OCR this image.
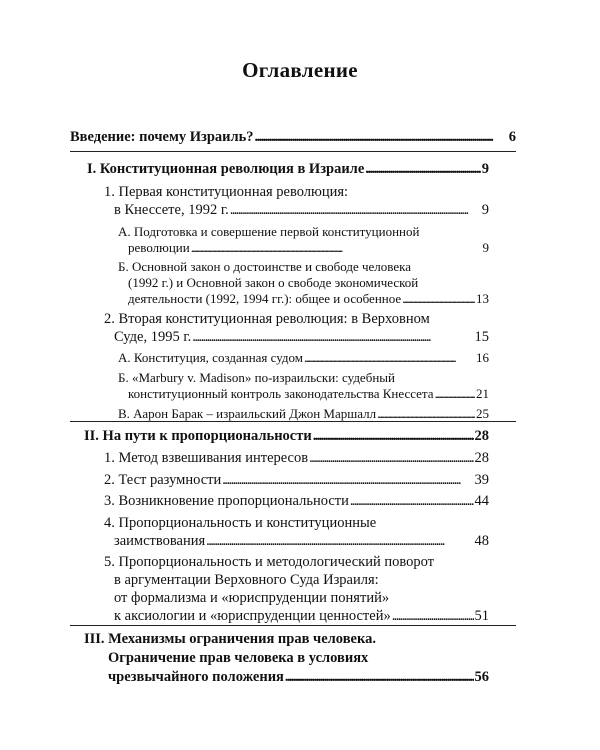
Оглавление
Введение: почему Израиль? . . .	6
I. Конституционная революция в Израиле . . .	9
1. Первая конституционная революция:
в Кнессете, 1992 г. . . .	9
А. Подготовка и совершение первой конституционной
революции . . .	9
Б. Основной закон о достоинстве и свободе человека
(1992 г.) и Основной закон о свободе экономической
деятельности (1992, 1994 гг.): общее и особенное . . .	13
2. Вторая конституционная революция: в Верховном
Суде, 1995 г. . . .	15
А. Конституция, созданная судом . . .	16
Б. «Marbury v. Madison» по-израильски: судебный
конституционный контроль законодательства Кнессета . . .	21
В. Аарон Барак – израильский Джон Маршалл . . .	25
II. На пути к пропорциональности . . .	28
1. Метод взвешивания интересов . . .	28
2. Тест разумности . . .	39
3. Возникновение пропорциональности . . .	44
4. Пропорциональность и конституционные
заимствования . . .	48
5. Пропорциональность и методологический поворот
в аргументации Верховного Суда Израиля:
от формализма и «юриспруденции понятий»
к аксиологии и «юриспруденции ценностей» . . .	51
III. Механизмы ограничения прав человека.
Ограничение прав человека в условиях
чрезвычайного положения . . .	56
